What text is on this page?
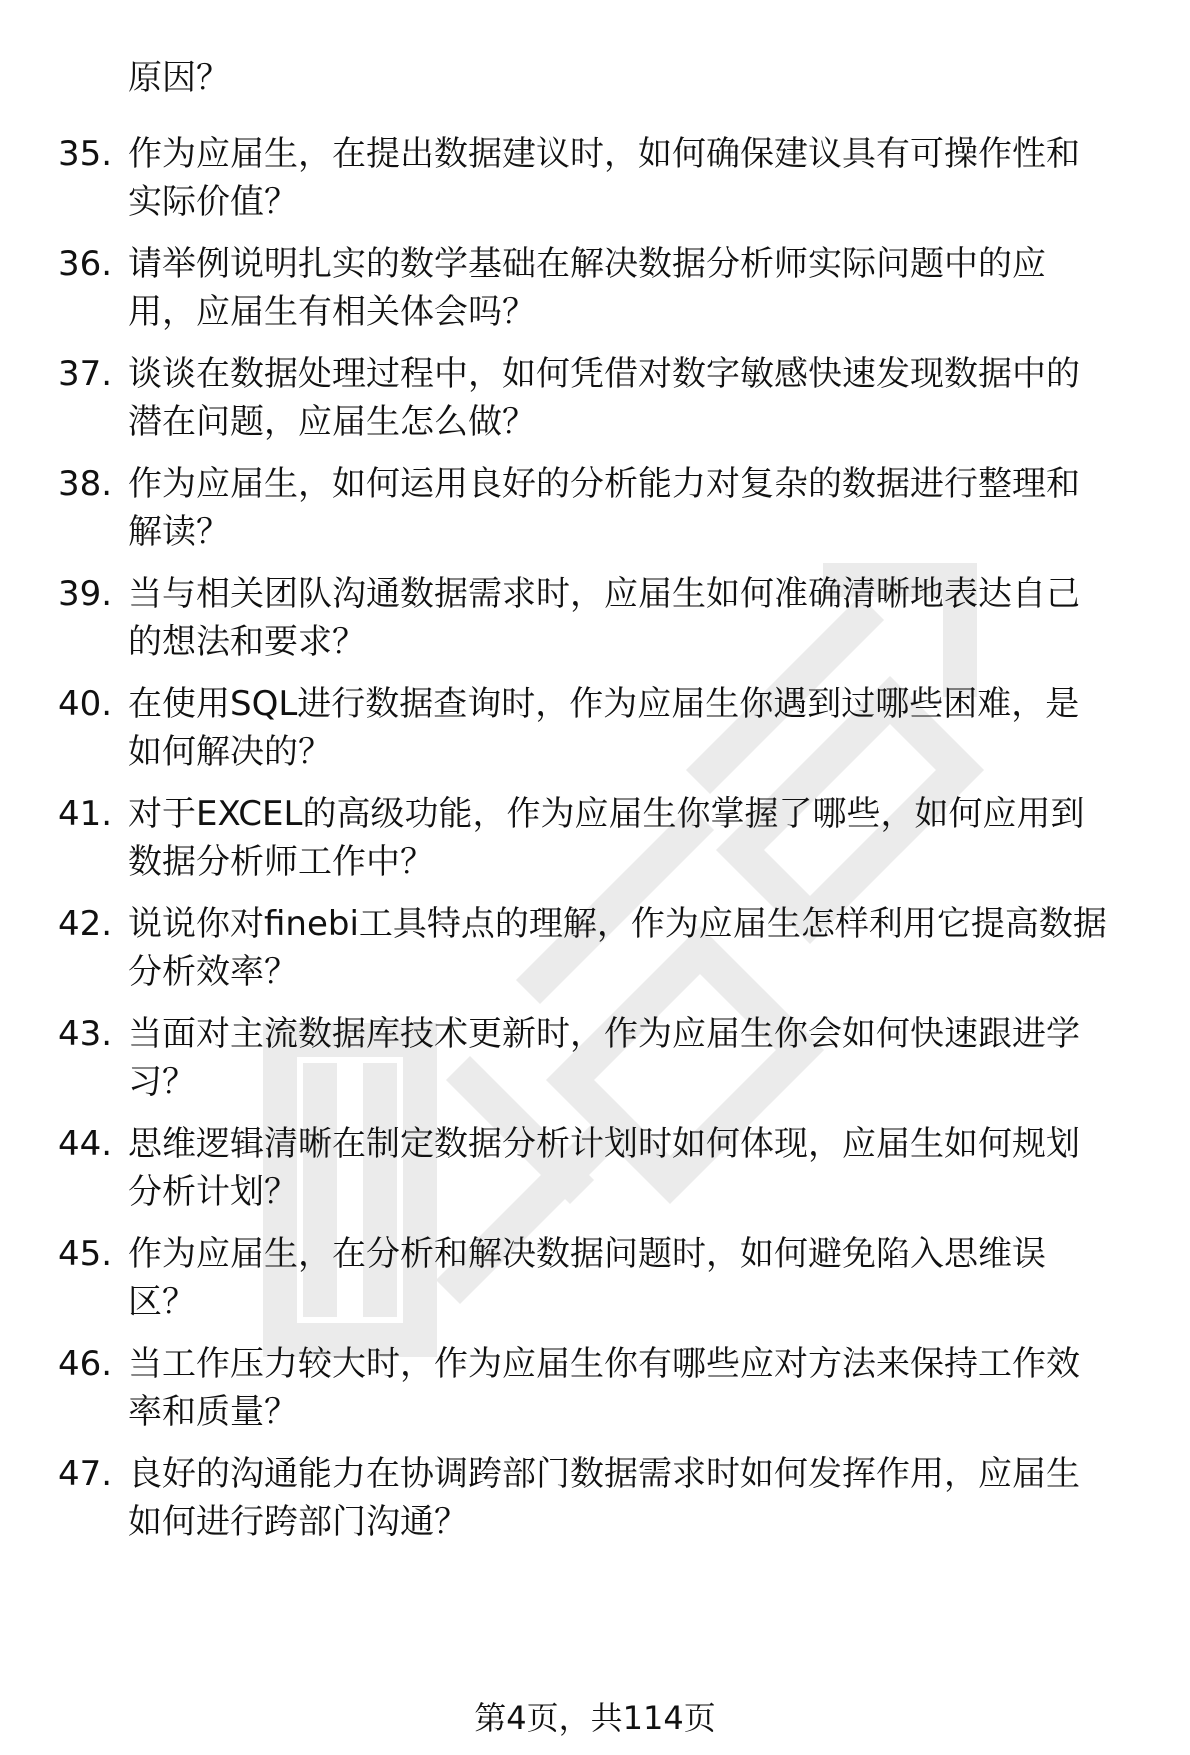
原因？

35. 作为应届生，在提出数据建议时，如何确保建议具有可操作性和
实际价值？
36. 请举例说明扎实的数学基础在解决数据分析师实际问题中的应
用，应届生有相关体会吗？
37. 谈谈在数据处理过程中，如何凭借对数字敏感快速发现数据中的
潜在问题，应届生怎么做？
38. 作为应届生，如何运用良好的分析能力对复杂的数据进行整理和
解读？
39. 当与相关团队沟通数据需求时，应届生如何准确清晰地表达自己
的想法和要求？
40. 在使用SQL进行数据查询时，作为应届生你遇到过哪些困难，是
如何解决的？
41. 对于EXCEL的高级功能，作为应届生你掌握了哪些，如何应用到
数据分析师工作中？
42. 说说你对finebi工具特点的理解，作为应届生怎样利用它提高数据
分析效率？
43. 当面对主流数据库技术更新时，作为应届生你会如何快速跟进学
习？
44. 思维逻辑清晰在制定数据分析计划时如何体现，应届生如何规划
分析计划？
45. 作为应届生，在分析和解决数据问题时，如何避免陷入思维误
区？
46. 当工作压力较大时，作为应届生你有哪些应对方法来保持工作效
率和质量？
47. 良好的沟通能力在协调跨部门数据需求时如何发挥作用，应届生
如何进行跨部门沟通？
第4页，共114页
